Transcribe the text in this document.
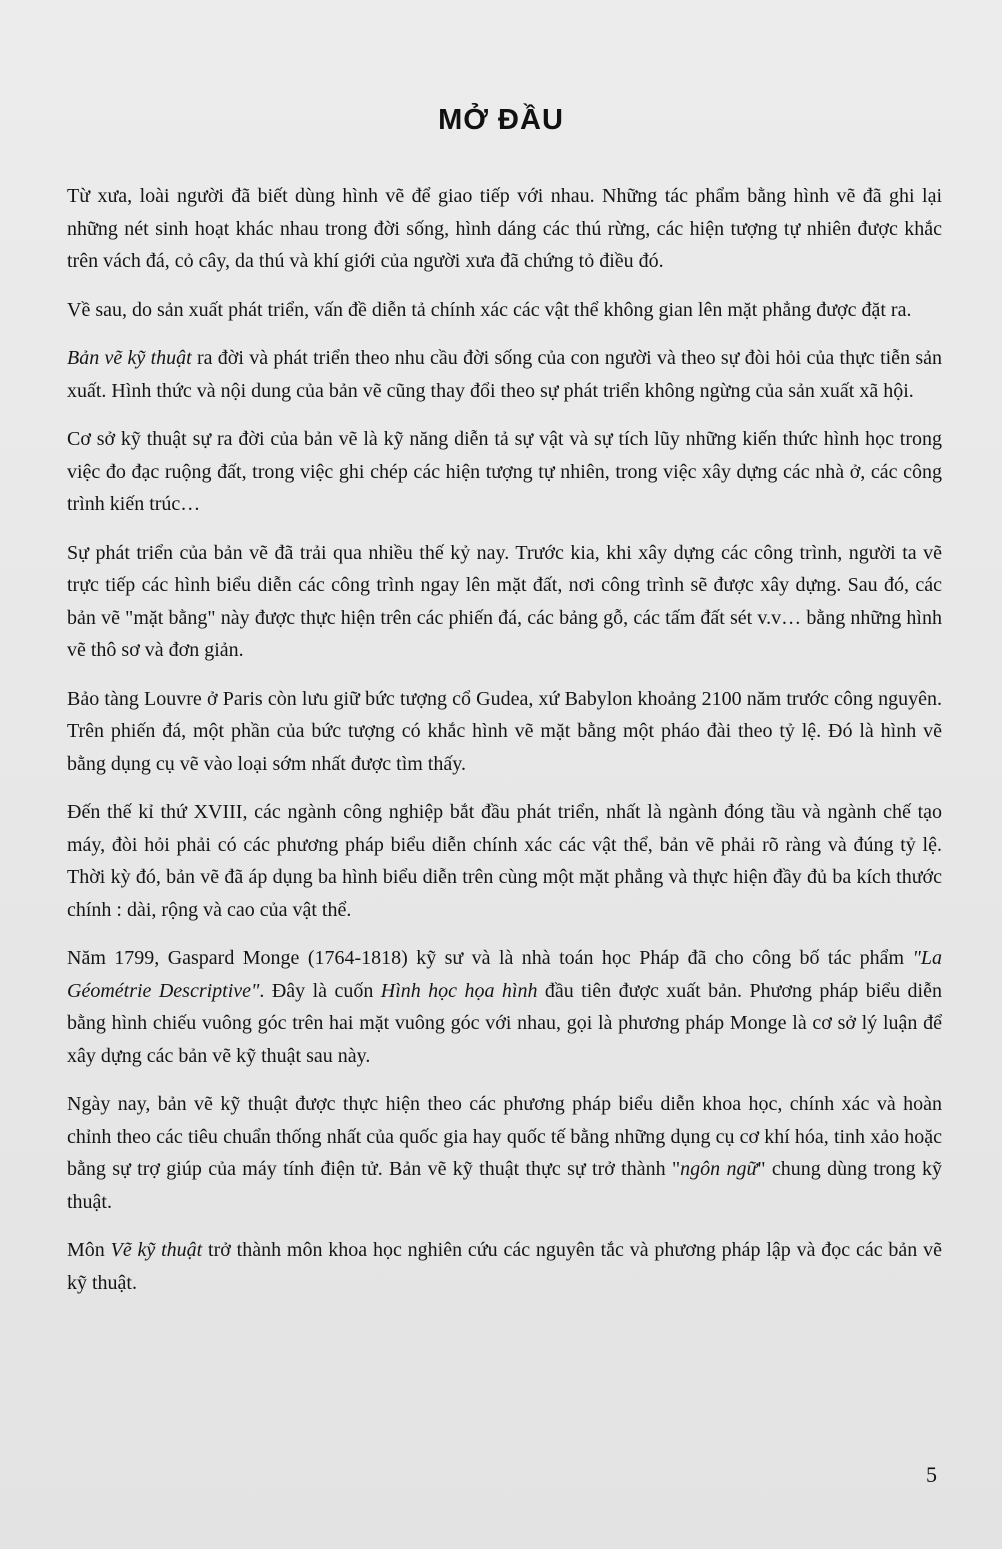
MỞ ĐẦU

Từ xưa, loài người đã biết dùng hình vẽ để giao tiếp với nhau. Những tác phẩm bằng hình vẽ đã ghi lại những nét sinh hoạt khác nhau trong đời sống, hình dáng các thú rừng, các hiện tượng tự nhiên được khắc trên vách đá, cỏ cây, da thú và khí giới của người xưa đã chứng tỏ điều đó.

Về sau, do sản xuất phát triển, vấn đề diễn tả chính xác các vật thể không gian lên mặt phẳng được đặt ra.

Bản vẽ kỹ thuật ra đời và phát triển theo nhu cầu đời sống của con người và theo sự đòi hỏi của thực tiễn sản xuất. Hình thức và nội dung của bản vẽ cũng thay đổi theo sự phát triển không ngừng của sản xuất xã hội.

Cơ sở kỹ thuật sự ra đời của bản vẽ là kỹ năng diễn tả sự vật và sự tích lũy những kiến thức hình học trong việc đo đạc ruộng đất, trong việc ghi chép các hiện tượng tự nhiên, trong việc xây dựng các nhà ở, các công trình kiến trúc…

Sự phát triển của bản vẽ đã trải qua nhiều thế kỷ nay. Trước kia, khi xây dựng các công trình, người ta vẽ trực tiếp các hình biểu diễn các công trình ngay lên mặt đất, nơi công trình sẽ được xây dựng. Sau đó, các bản vẽ "mặt bằng" này được thực hiện trên các phiến đá, các bảng gỗ, các tấm đất sét v.v… bằng những hình vẽ thô sơ và đơn giản.

Bảo tàng Louvre ở Paris còn lưu giữ bức tượng cổ Gudea, xứ Babylon khoảng 2100 năm trước công nguyên. Trên phiến đá, một phần của bức tượng có khắc hình vẽ mặt bằng một pháo đài theo tỷ lệ. Đó là hình vẽ bằng dụng cụ vẽ vào loại sớm nhất được tìm thấy.

Đến thế kỉ thứ XVIII, các ngành công nghiệp bắt đầu phát triển, nhất là ngành đóng tầu và ngành chế tạo máy, đòi hỏi phải có các phương pháp biểu diễn chính xác các vật thể, bản vẽ phải rõ ràng và đúng tỷ lệ. Thời kỳ đó, bản vẽ đã áp dụng ba hình biểu diễn trên cùng một mặt phẳng và thực hiện đầy đủ ba kích thước chính : dài, rộng và cao của vật thể.

Năm 1799, Gaspard Monge (1764-1818) kỹ sư và là nhà toán học Pháp đã cho công bố tác phẩm "La Géométrie Descriptive". Đây là cuốn Hình học họa hình đầu tiên được xuất bản. Phương pháp biểu diễn bằng hình chiếu vuông góc trên hai mặt vuông góc với nhau, gọi là phương pháp Monge là cơ sở lý luận để xây dựng các bản vẽ kỹ thuật sau này.

Ngày nay, bản vẽ kỹ thuật được thực hiện theo các phương pháp biểu diễn khoa học, chính xác và hoàn chỉnh theo các tiêu chuẩn thống nhất của quốc gia hay quốc tế bằng những dụng cụ cơ khí hóa, tinh xảo hoặc bằng sự trợ giúp của máy tính điện tử. Bản vẽ kỹ thuật thực sự trở thành "ngôn ngữ" chung dùng trong kỹ thuật.

Môn Vẽ kỹ thuật trở thành môn khoa học nghiên cứu các nguyên tắc và phương pháp lập và đọc các bản vẽ kỹ thuật.

5
